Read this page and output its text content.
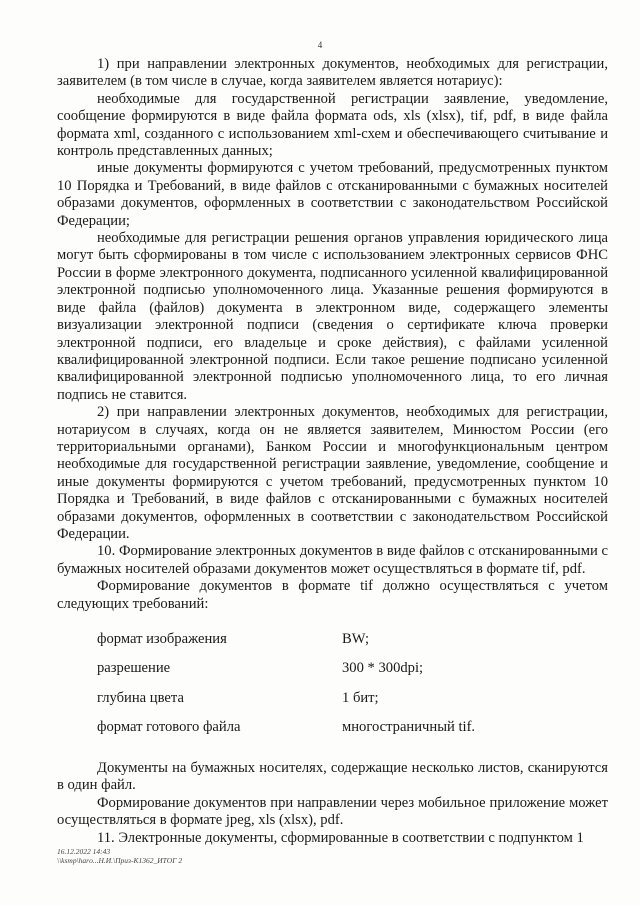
4

1) при направлении электронных документов, необходимых для регистрации, заявителем (в том числе в случае, когда заявителем является нотариус):

необходимые для государственной регистрации заявление, уведомление, сообщение формируются в виде файла формата ods, xls (xlsx), tif, pdf, в виде файла формата xml, созданного с использованием xml-схем и обеспечивающего считывание и контроль представленных данных;

иные документы формируются с учетом требований, предусмотренных пунктом 10 Порядка и Требований, в виде файлов с отсканированными с бумажных носителей образами документов, оформленных в соответствии с законодательством Российской Федерации;

необходимые для регистрации решения органов управления юридического лица могут быть сформированы в том числе с использованием электронных сервисов ФНС России в форме электронного документа, подписанного усиленной квалифицированной электронной подписью уполномоченного лица. Указанные решения формируются в виде файла (файлов) документа в электронном виде, содержащего элементы визуализации электронной подписи (сведения о сертификате ключа проверки электронной подписи, его владельце и сроке действия), с файлами усиленной квалифицированной электронной подписи. Если такое решение подписано усиленной квалифицированной электронной подписью уполномоченного лица, то его личная подпись не ставится.

2) при направлении электронных документов, необходимых для регистрации, нотариусом в случаях, когда он не является заявителем, Минюстом России (его территориальными органами), Банком России и многофункциональным центром необходимые для государственной регистрации заявление, уведомление, сообщение и иные документы формируются с учетом требований, предусмотренных пунктом 10 Порядка и Требований, в виде файлов с отсканированными с бумажных носителей образами документов, оформленных в соответствии с законодательством Российской Федерации.

10. Формирование электронных документов в виде файлов с отсканированными с бумажных носителей образами документов может осуществляться в формате tif, pdf.

Формирование документов в формате tif должно осуществляться с учетом следующих требований:

формат изображения	BW;
разрешение	300 * 300dpi;
глубина цвета	1 бит;
формат готового файла	многостраничный tif.

Документы на бумажных носителях, содержащие несколько листов, сканируются в один файл.

Формирование документов при направлении через мобильное приложение может осуществляться в формате jpeg, xls (xlsx), pdf.

11. Электронные документы, сформированные в соответствии с подпунктом 1

16.12.2022 14:43
\\ksmp\harо...Н.И.\Приз-К1362_ИТОГ 2
